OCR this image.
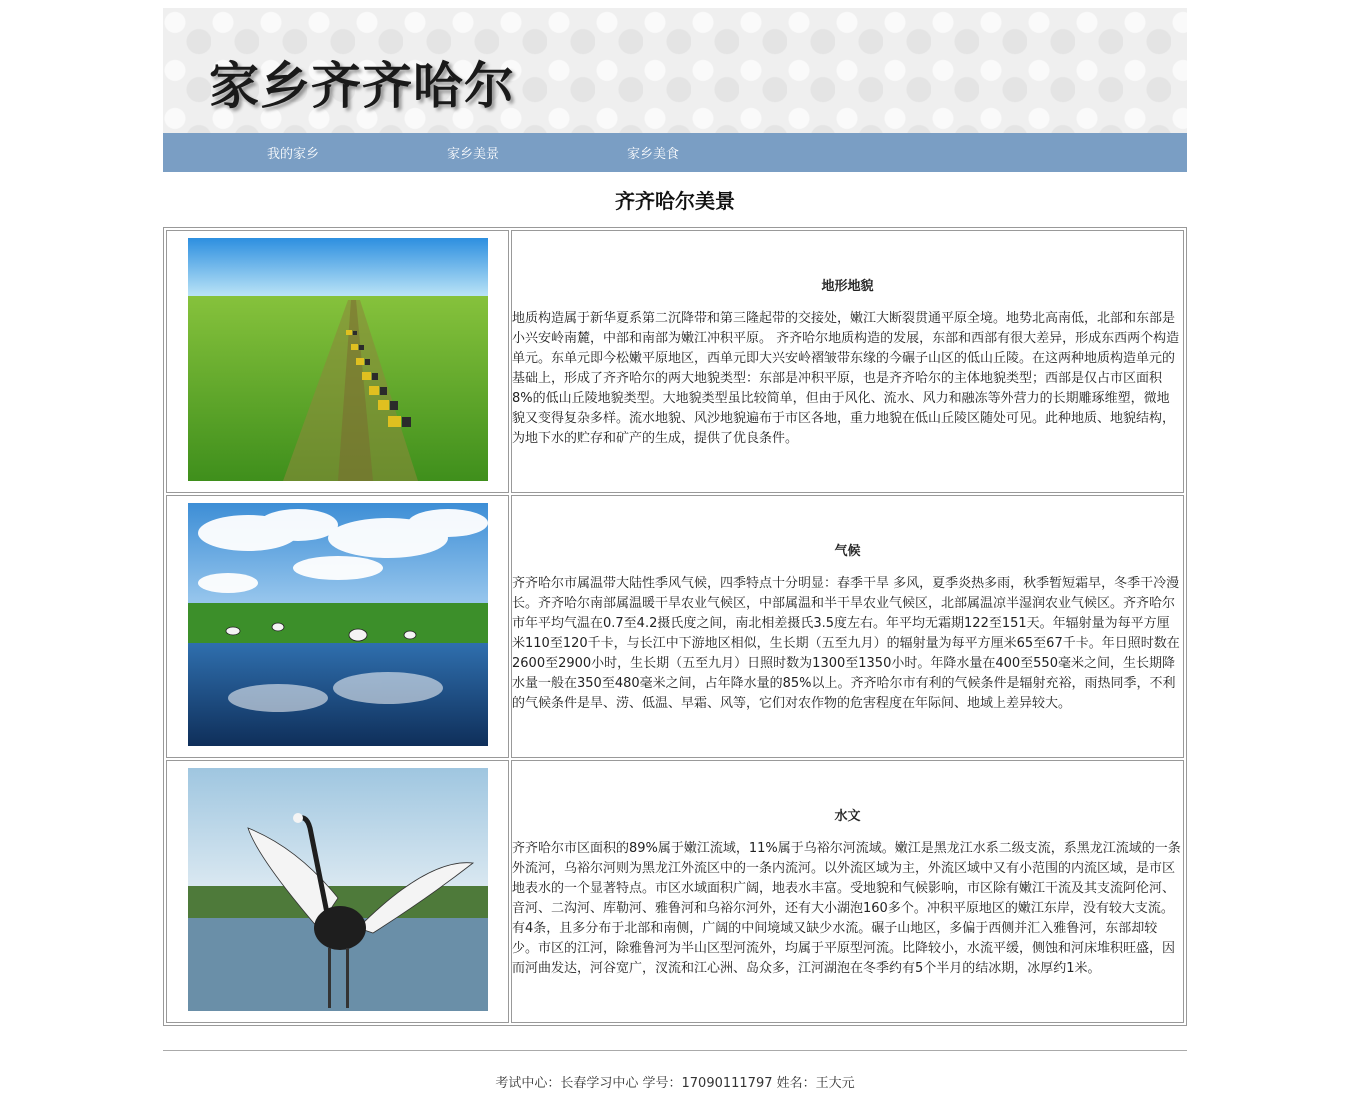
家乡齐齐哈尔
我的家乡	家乡美景	家乡美食
齐齐哈尔美景

地形地貌
地质构造属于新华夏系第二沉降带和第三隆起带的交接处，嫩江大断裂贯通平原全境。地势北高南低，北部和东部是小兴安岭南麓，中部和南部为嫩江冲积平原。 齐齐哈尔地质构造的发展，东部和西部有很大差异，形成东西两个构造单元。东单元即今松嫩平原地区，西单元即大兴安岭褶皱带东缘的今碾子山区的低山丘陵。在这两种地质构造单元的基础上，形成了齐齐哈尔的两大地貌类型：东部是冲积平原，也是齐齐哈尔的主体地貌类型；西部是仅占市区面积8%的低山丘陵地貌类型。大地貌类型虽比较简单，但由于风化、流水、风力和融冻等外营力的长期雕琢维塑，微地貌又变得复杂多样。流水地貌、风沙地貌遍布于市区各地，重力地貌在低山丘陵区随处可见。此种地质、地貌结构，为地下水的贮存和矿产的生成，提供了优良条件。

气候
齐齐哈尔市属温带大陆性季风气候，四季特点十分明显：春季干旱 多风，夏季炎热多雨，秋季暂短霜早，冬季干冷漫长。齐齐哈尔南部属温暖干旱农业气候区，中部属温和半干旱农业气候区，北部属温凉半湿润农业气候区。齐齐哈尔市年平均气温在0.7至4.2摄氏度之间，南北相差摄氏3.5度左右。年平均无霜期122至151天。年辐射量为每平方厘米110至120千卡，与长江中下游地区相似，生长期（五至九月）的辐射量为每平方厘米65至67千卡。年日照时数在2600至2900小时，生长期（五至九月）日照时数为1300至1350小时。年降水量在400至550毫米之间，生长期降水量一般在350至480毫米之间，占年降水量的85%以上。齐齐哈尔市有利的气候条件是辐射充裕，雨热同季，不利的气候条件是旱、涝、低温、早霜、风等，它们对农作物的危害程度在年际间、地域上差异较大。

水文
齐齐哈尔市区面积的89%属于嫩江流域，11%属于乌裕尔河流域。嫩江是黑龙江水系二级支流，系黑龙江流域的一条外流河，乌裕尔河则为黑龙江外流区中的一条内流河。以外流区域为主，外流区域中又有小范围的内流区域，是市区地表水的一个显著特点。市区水域面积广阔，地表水丰富。受地貌和气候影响，市区除有嫩江干流及其支流阿伦河、音河、二沟河、库勒河、雅鲁河和乌裕尔河外，还有大小湖泡160多个。冲积平原地区的嫩江东岸，没有较大支流。有4条，且多分布于北部和南侧，广阔的中间境域又缺少水流。碾子山地区，多偏于西侧并汇入雅鲁河，东部却较少。市区的江河，除雅鲁河为半山区型河流外，均属于平原型河流。比降较小，水流平缓，侧蚀和河床堆积旺盛，因而河曲发达，河谷宽广，汊流和江心洲、岛众多，江河湖泡在冬季约有5个半月的结冰期，冰厚约1米。
考试中心：长春学习中心 学号：17090111797 姓名：王大元
